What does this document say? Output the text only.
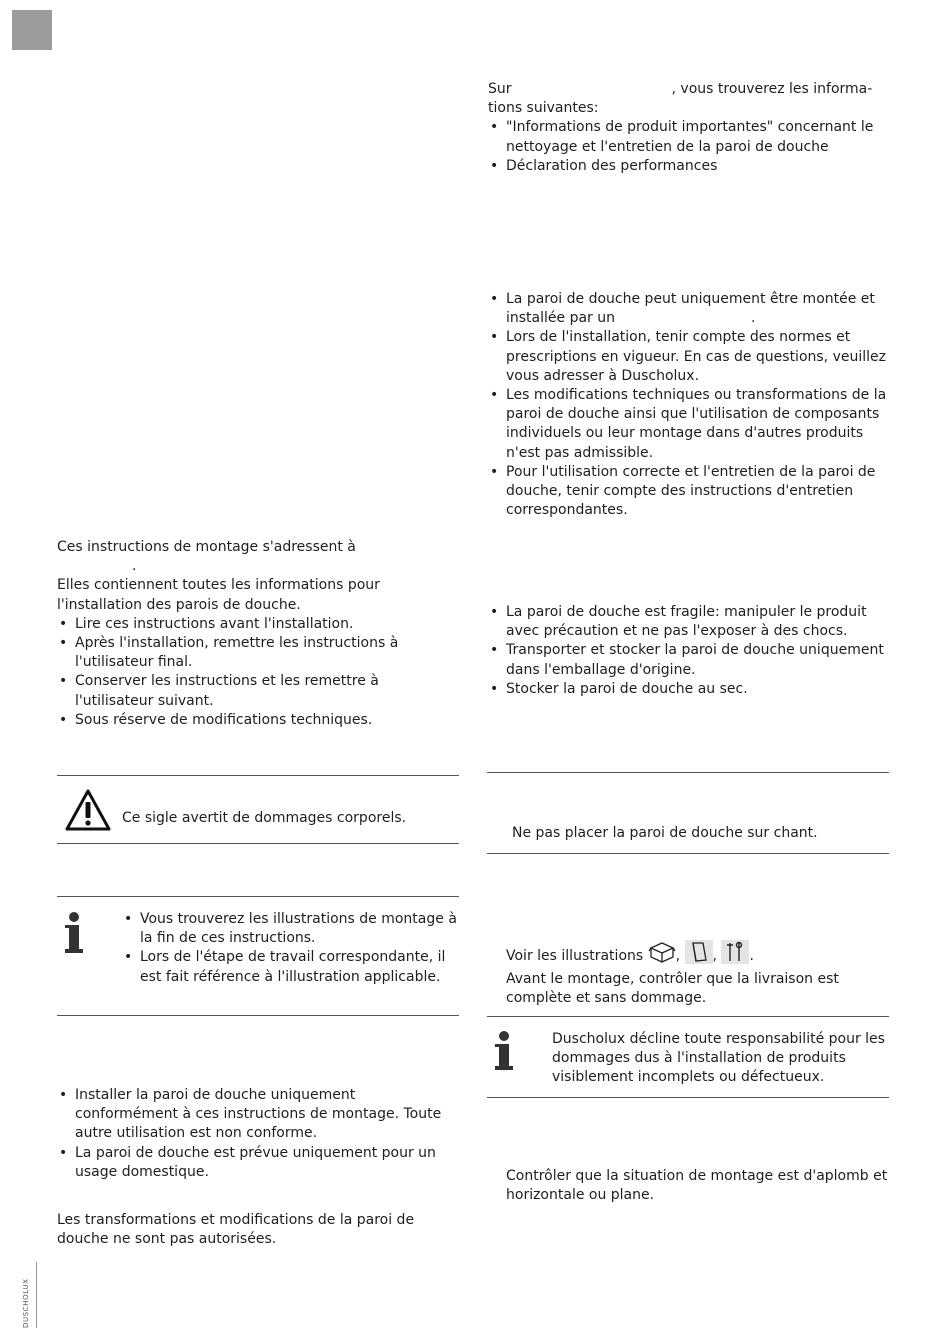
Sur	, vous trouverez les informa-

tions suivantes:

• "Informations de produit importantes" concernant le nettoyage et l'entretien de la paroi de douche
• Déclaration des performances
• La paroi de douche peut uniquement être montée et installée par un	.
• Lors de l'installation, tenir compte des normes et prescriptions en vigueur. En cas de questions, veuillez vous adresser à Duscholux.
• Les modifications techniques ou transformations de la paroi de douche ainsi que l'utilisation de composants individuels ou leur montage dans d'autres produits n'est pas admissible.
• Pour l'utilisation correcte et l'entretien de la paroi de douche, tenir compte des instructions d'entretien correspondantes.
• La paroi de douche est fragile: manipuler le produit avec précaution et ne pas l'exposer à des chocs.
• Transporter et stocker la paroi de douche uniquement dans l'emballage d'origine.
• Stocker la paroi de douche au sec.

Ne pas placer la paroi de douche sur chant.

Voir les illustrations , , .

Avant le montage, contrôler que la livraison est complète et sans dommage.

Duscholux décline toute responsabilité pour les dommages dus à l'installation de produits visiblement incomplets ou défectueux.

Contrôler que la situation de montage est d'aplomb et horizontale ou plane.

Ces instructions de montage s'adressent à

.

Elles contiennent toutes les informations pour l'installation des parois de douche.

• Lire ces instructions avant l'installation.
• Après l'installation, remettre les instructions à l'utilisateur final.
• Conserver les instructions et les remettre à l'utilisateur suivant.
• Sous réserve de modifications techniques.

Ce sigle avertit de dommages corporels.

• Vous trouverez les illustrations de montage à la fin de ces instructions.
• Lors de l'étape de travail correspondante, il est fait référence à l'illustration applicable.
• Installer la paroi de douche uniquement conformément à ces instructions de montage. Toute autre utilisation est non conforme.
• La paroi de douche est prévue uniquement pour un usage domestique.

Les transformations et modifications de la paroi de douche ne sont pas autorisées.

DUSCHOLUX
